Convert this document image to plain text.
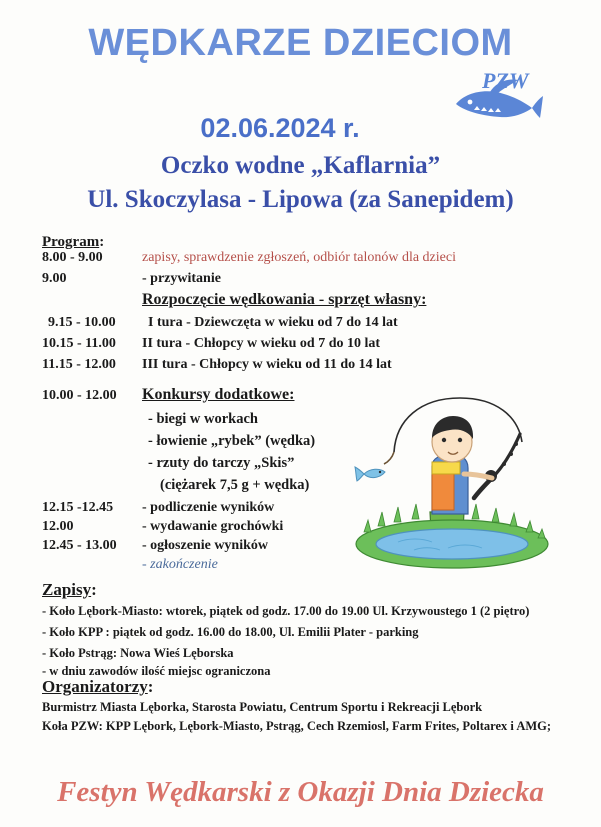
WĘDKARZE DZIECIOM
PZW
02.06.2024 r.
Oczko wodne „Kaflarnia”
Ul. Skoczylasa - Lipowa (za Sanepidem)
Program:
8.00 - 9.00	zapisy, sprawdzenie zgłoszeń, odbiór talonów dla dzieci
9.00	- przywitanie
Rozpoczęcie wędkowania - sprzęt własny:
9.15 - 10.00 I tura - Dziewczęta w wieku od 7 do 14 lat
10.15 - 11.00 II tura - Chłopcy w wieku od 7 do 10 lat
11.15 - 12.00 III tura - Chłopcy w wieku od 11 do 14 lat
10.00 - 12.00	Konkursy dodatkowe:
- biegi w workach
- łowienie „rybek” (wędka)
- rzuty do tarczy „Skis”
(ciężarek 7,5 g + wędka)
12.15 -12.45 - podliczenie wyników
12.00	- wydawanie grochówki
12.45 - 13.00 - ogłoszenie wyników
- zakończenie
Zapisy:
- Koło Lębork-Miasto: wtorek, piątek od godz. 17.00 do 19.00 Ul. Krzywoustego 1 (2 piętro)
- Koło KPP : piątek od godz. 16.00 do 18.00, Ul. Emilii Plater - parking
- Koło Pstrąg: Nowa Wieś Lęborska
- w dniu zawodów ilość miejsc ograniczona
Organizatorzy:
Burmistrz Miasta Lęborka, Starosta Powiatu, Centrum Sportu i Rekreacji Lębork
Koła PZW: KPP Lębork, Lębork-Miasto, Pstrąg, Cech Rzemiosl, Farm Frites, Poltarex i AMG;
Festyn Wędkarski z Okazji Dnia Dziecka
